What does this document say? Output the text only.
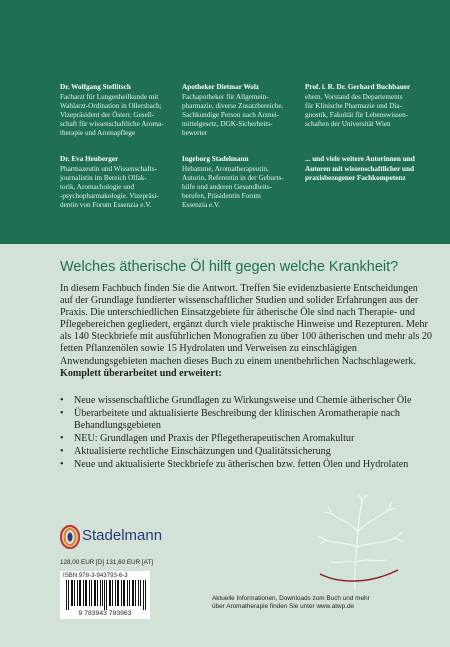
Dr. Wolfgang Steflitsch
Facharzt für Lungenheilkunde mit
Wahlarzt-Ordination in Ollersbach;
Vizepräsident der Österr. Gesell-
schaft für wissenschaftliche Aroma-
therapie und Aromapflege
Apotheker Dietmar Wolz
Fachapotheker für Allgemein-
pharmazie, diverse Zusatzbereiche.
Sachkundige Person nach Arznei-
mittelgesetz, DGK-Sicherheits-
bewerter
Prof. i. R. Dr. Gerhard Buchbauer
ehem. Vorstand des Departements
für Klinische Pharmazie und Dia-
gnostik, Fakultät für Lebenswissen-
schaften der Universität Wien
Dr. Eva Heuberger
Pharmazeutin und Wissenschafts-
journalistin im Bereich Olfak-
torik, Aromachologie und
-psychopharmakologie. Vizepräsi-
dentin von Forum Essenzia e.V.
Ingeborg Stadelmann
Hebamme, Aromatherapeutin,
Autorin, Referentin in der Geburts-
hilfe und anderen Gesundheits-
berufen, Präsidentin Forum
Essenzia e.V.
... und viele weitere Autorinnen und
Autoren mit wissenschaftlicher und
praxisbezogener Fachkompetenz
Welches ätherische Öl hilft gegen welche Krankheit?
In diesem Fachbuch finden Sie die Antwort. Treffen Sie evidenzbasierte Entscheidungen auf der Grundlage fundierter wissenschaftlicher Studien und solider Erfahrungen aus der Praxis. Die unterschiedlichen Einsatzgebiete für ätherische Öle sind nach Therapie- und Pflegebereichen gegliedert, ergänzt durch viele praktische Hinweise und Rezepturen. Mehr als 140 Steckbriefe mit ausführlichen Monografien zu über 100 ätherischen und mehr als 20 fetten Pflanzenölen sowie 15 Hydrolaten und Verweisen zu einschlägigen Anwendungsgebieten machen dieses Buch zu einem unentbehrlichen Nachschlagewerk. Komplett überarbeitet und erweitert:
• Neue wissenschaftliche Grundlagen zu Wirkungsweise und Chemie ätherischer Öle
• Überarbeitete und aktualisierte Beschreibung der klinischen Aromatherapie nach Behandlungsgebieten
• NEU: Grundlagen und Praxis der Pflegetherapeutischen Aromakultur
• Aktualisierte rechtliche Einschätzungen und Qualitätssicherung
• Neue und aktualisierte Steckbriefe zu ätherischen bzw. fetten Ölen und Hydrolaten
Stadelmann
128,00 EUR [D] 131,60 EUR [AT]
ISBN 978-3-943793-6-3
9 783943 793963
Aktuelle Informationen, Downloads zum Buch und mehr
über Aromatherapie finden Sie unter www.atwp.de
